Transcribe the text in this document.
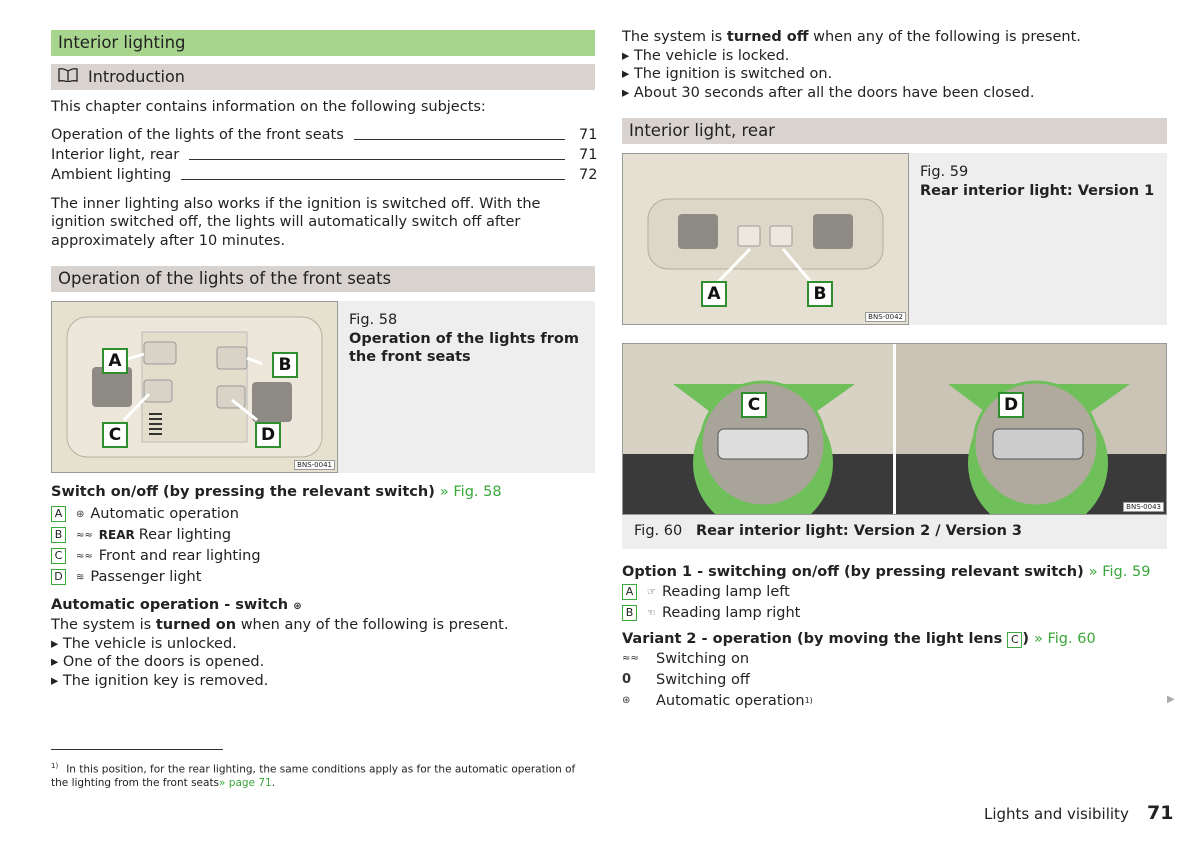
Interior lighting
Introduction

This chapter contains information on the following subjects:

Operation of the lights of the front seats	71
Interior light, rear	71
Ambient lighting	72

The inner lighting also works if the ignition is switched off. With the ignition switched off, the lights will automatically switch off after approximately after 10 minutes.

Operation of the lights of the front seats
A	B
C	D
BNS-0041

Fig. 58

Operation of the lights from the front seats

Switch on/off (by pressing the relevant switch) » Fig. 58

A	⊛ Automatic operation
B	≈≈ REAR Rear lighting
C	≈≈ Front and rear lighting
D	≋ Passenger light

Automatic operation - switch ⊛

The system is turned on when any of the following is present.

▸ The vehicle is unlocked.

▸ One of the doors is opened.

▸ The ignition key is removed.

The system is turned off when any of the following is present.

▸ The vehicle is locked.

▸ The ignition is switched on.

▸ About 30 seconds after all the doors have been closed.

Interior light, rear
A	B
BNS-0042

Fig. 59

Rear interior light: Version 1

C	D
BNS-0043
Fig. 60 Rear interior light: Version 2 / Version 3

Option 1 - switching on/off (by pressing relevant switch) » Fig. 59

A	☞ Reading lamp left
B	☜ Reading lamp right

Variant 2 - operation (by moving the light lens C ) » Fig. 60

≈≈	Switching on
0	Switching off
⊛	Automatic operation 1)	▶
$^{1)}$ In this position, for the rear lighting, the same conditions apply as for the automatic operation of the lighting from the front seats» page 71.
Lights and visibility 71
